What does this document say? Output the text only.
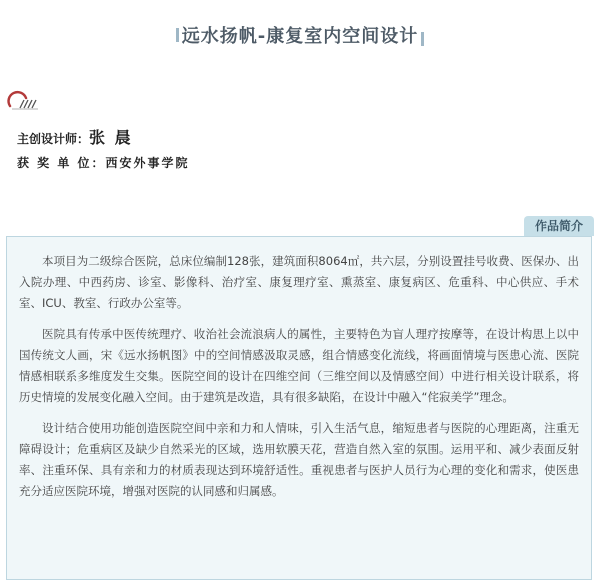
远水扬帆-康复室内空间设计
主创设计师：张 晨
获 奖 单 位：西安外事学院
作品简介

本项目为二级综合医院，总床位编制128张，建筑面积8064㎡，共六层，分别设置挂号收费、医保办、出入院办理、中西药房、诊室、影像科、治疗室、康复理疗室、熏蒸室、康复病区、危重科、中心供应、手术室、ICU、教室、行政办公室等。

医院具有传承中医传统理疗、收治社会流浪病人的属性，主要特色为盲人理疗按摩等，在设计构思上以中国传统文人画，宋《远水扬帆图》中的空间情感汲取灵感，组合情感变化流线，将画面情境与医患心流、医院情感相联系多维度发生交集。医院空间的设计在四维空间（三维空间以及情感空间）中进行相关设计联系，将历史情境的发展变化融入空间。由于建筑是改造，具有很多缺陷，在设计中融入“侘寂美学”理念。

设计结合使用功能创造医院空间中亲和力和人情味，引入生活气息，缩短患者与医院的心理距离，注重无障碍设计；危重病区及缺少自然采光的区域，选用软膜天花，营造自然入室的氛围。运用平和、减少表面反射率、注重环保、具有亲和力的材质表现达到环境舒适性。重视患者与医护人员行为心理的变化和需求，使医患充分适应医院环境，增强对医院的认同感和归属感。
